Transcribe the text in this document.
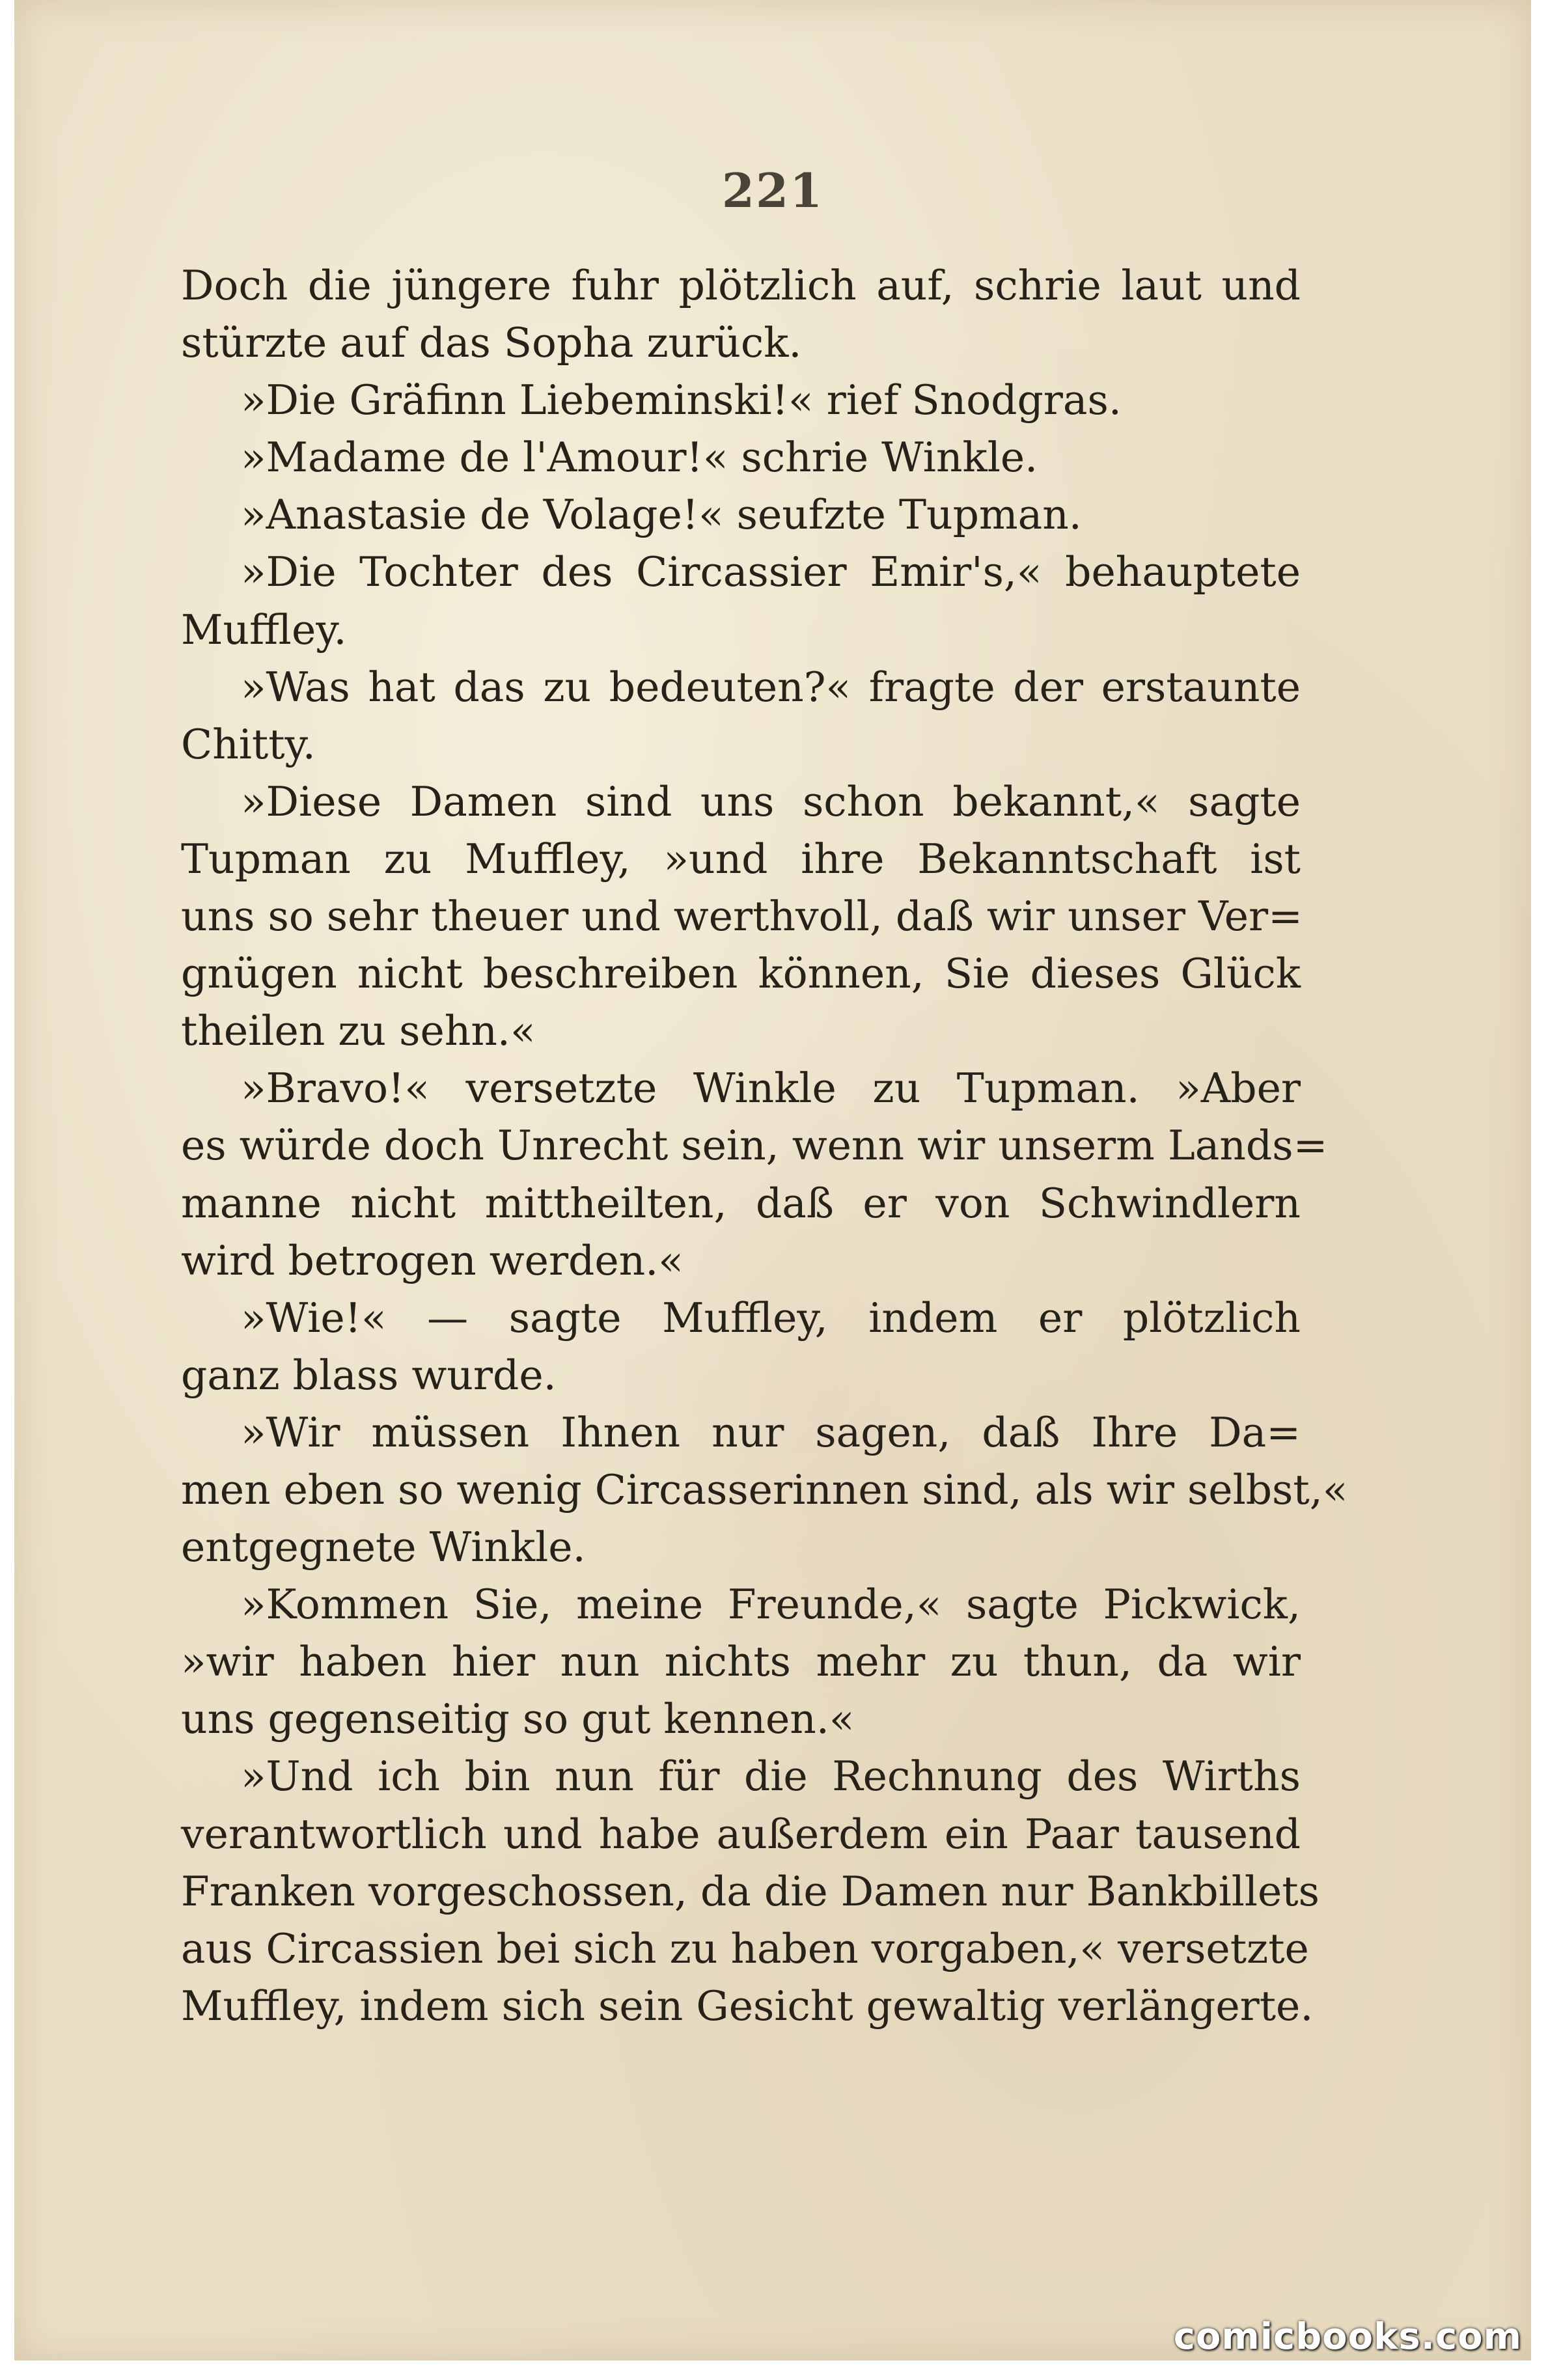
221
Doch die jüngere fuhr plötzlich auf, schrie laut und
stürzte auf das Sopha zurück.
»Die Gräfinn Liebeminski!« rief Snodgras.
»Madame de l'Amour!« schrie Winkle.
»Anastasie de Volage!« seufzte Tupman.
»Die Tochter des Circassier Emir's,« behauptete
Muffley.
»Was hat das zu bedeuten?« fragte der erstaunte
Chitty.
»Diese Damen sind uns schon bekannt,« sagte
Tupman zu Muffley, »und ihre Bekanntschaft ist
uns so sehr theuer und werthvoll, daß wir unser Ver=
gnügen nicht beschreiben können, Sie dieses Glück
theilen zu sehn.«
»Bravo!« versetzte Winkle zu Tupman. »Aber
es würde doch Unrecht sein, wenn wir unserm Lands=
manne nicht mittheilten, daß er von Schwindlern
wird betrogen werden.«
»Wie!« — sagte Muffley, indem er plötzlich
ganz blass wurde.
»Wir müssen Ihnen nur sagen, daß Ihre Da=
men eben so wenig Circasserinnen sind, als wir selbst,«
entgegnete Winkle.
»Kommen Sie, meine Freunde,« sagte Pickwick,
»wir haben hier nun nichts mehr zu thun, da wir
uns gegenseitig so gut kennen.«
»Und ich bin nun für die Rechnung des Wirths
verantwortlich und habe außerdem ein Paar tausend
Franken vorgeschossen, da die Damen nur Bankbillets
aus Circassien bei sich zu haben vorgaben,« versetzte
Muffley, indem sich sein Gesicht gewaltig verlängerte.
comicbooks.com
